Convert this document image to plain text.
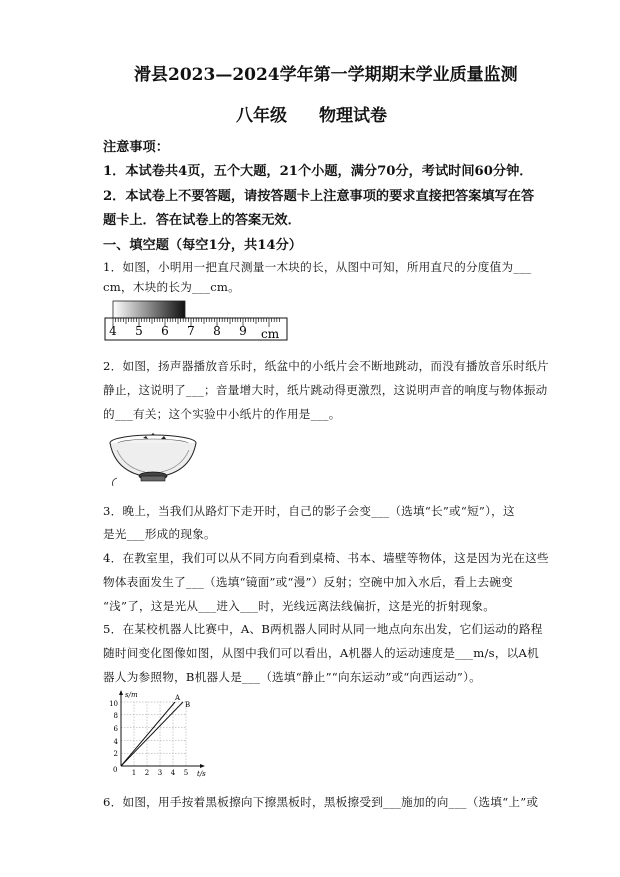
滑县2023—2024学年第一学期期末学业质量监测
八年级 物理试卷
注意事项：
1．本试卷共4页，五个大题，21个小题，满分70分，考试时间60分钟．
2．本试卷上不要答题，请按答题卡上注意事项的要求直接把答案填写在答
题卡上．答在试卷上的答案无效．
一、填空题（每空1分，共14分）
1．如图，小明用一把直尺测量一木块的长，从图中可知，所用直尺的分度值为___
cm，木块的长为___cm。
4 5 6 7 8 9 cm
2．如图，扬声器播放音乐时，纸盆中的小纸片会不断地跳动，而没有播放音乐时纸片
静止，这说明了___；音量增大时，纸片跳动得更激烈，这说明声音的响度与物体振动
的___有关；这个实验中小纸片的作用是___。
3．晚上，当我们从路灯下走开时，自己的影子会变___（选填“长”或“短”），这
是光___形成的现象。
4．在教室里，我们可以从不同方向看到桌椅、书本、墙壁等物体，这是因为光在这些
物体表面发生了___（选填“镜面”或“漫”）反射；空碗中加入水后，看上去碗变
“浅”了，这是光从___进入___时，光线远离法线偏折，这是光的折射现象。
5．在某校机器人比赛中，A、B两机器人同时从同一地点向东出发，它们运动的路程
随时间变化图像如图，从图中我们可以看出，A机器人的运动速度是___m/s，以A机
器人为参照物，B机器人是___（选填“静止”“向东运动”或“向西运动”）。
s/m
t/s
0
2
4
6
8
10
1 2 3 4 5
A
B
6．如图，用手按着黑板擦向下擦黑板时，黑板擦受到___施加的向___（选填“上”或
